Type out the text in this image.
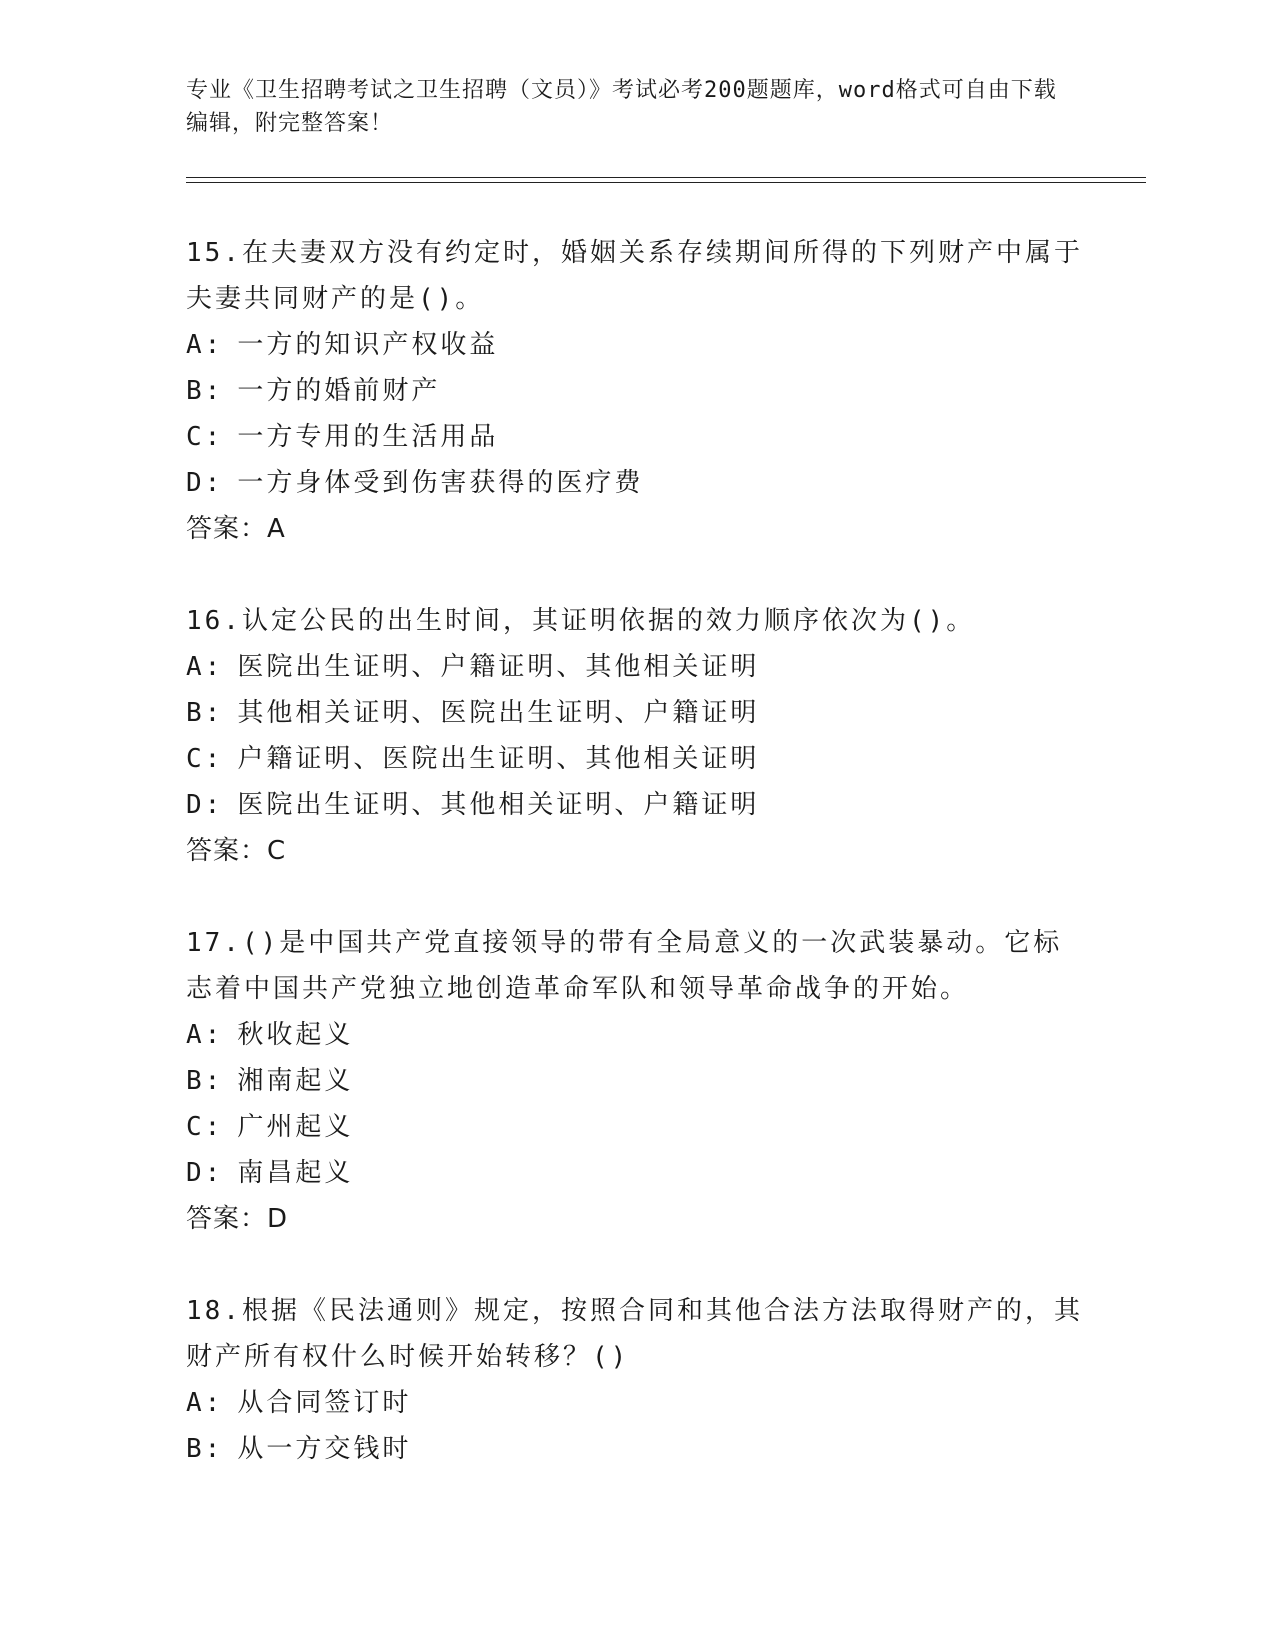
专业《卫生招聘考试之卫生招聘（文员）》考试必考200题题库，word格式可自由下载编辑，附完整答案！
15.在夫妻双方没有约定时，婚姻关系存续期间所得的下列财产中属于夫妻共同财产的是()。
A: 一方的知识产权收益
B: 一方的婚前财产
C: 一方专用的生活用品
D: 一方身体受到伤害获得的医疗费
答案：A
16.认定公民的出生时间，其证明依据的效力顺序依次为()。
A: 医院出生证明、户籍证明、其他相关证明
B: 其他相关证明、医院出生证明、户籍证明
C: 户籍证明、医院出生证明、其他相关证明
D: 医院出生证明、其他相关证明、户籍证明
答案：C
17.()是中国共产党直接领导的带有全局意义的一次武装暴动。它标志着中国共产党独立地创造革命军队和领导革命战争的开始。
A: 秋收起义
B: 湘南起义
C: 广州起义
D: 南昌起义
答案：D
18.根据《民法通则》规定，按照合同和其他合法方法取得财产的，其财产所有权什么时候开始转移？()
A: 从合同签订时
B: 从一方交钱时
